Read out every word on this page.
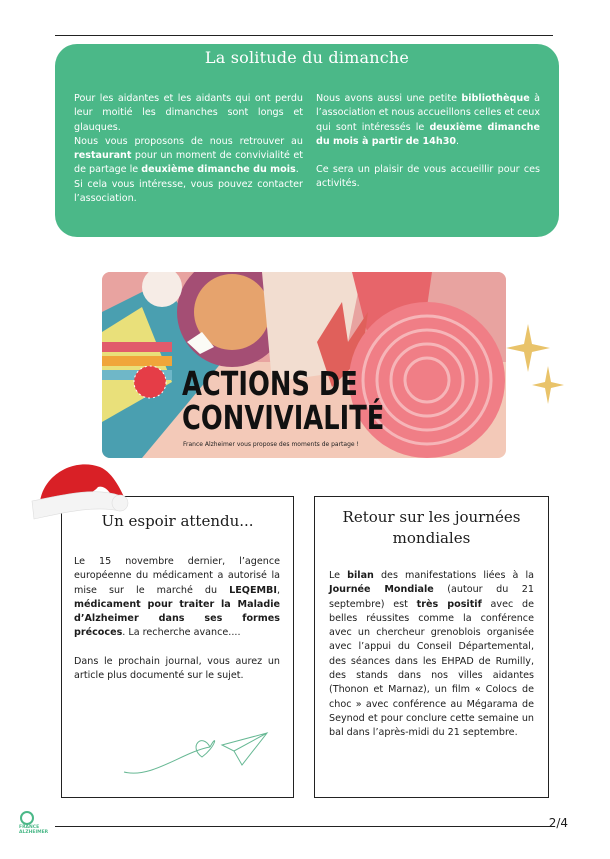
La solitude du dimanche
Pour les aidantes et les aidants qui ont perdu leur moitié les dimanches sont longs et glauques.
Nous vous proposons de nous retrouver au restaurant pour un moment de convivialité et de partage le deuxième dimanche du mois.
Si cela vous intéresse, vous pouvez contacter l’association.
Nous avons aussi une petite bibliothèque à l’association et nous accueillons celles et ceux qui sont intéressés le deuxième dimanche du mois à partir de 14h30.
Ce sera un plaisir de vous accueillir pour ces activités.
ACTIONS DE
CONVIVIALITÉ
France Alzheimer vous propose des moments de partage !
Un espoir attendu...
Le 15 novembre dernier, l’agence européenne du médicament a autorisé la mise sur le marché du LEQEMBI, médicament pour traiter la Maladie d’Alzheimer dans ses formes précoces. La recherche avance....
Dans le prochain journal, vous aurez un article plus documenté sur le sujet.
Retour sur les journées mondiales
Le bilan des manifestations liées à la Journée Mondiale (autour du 21 septembre) est très positif avec de belles réussites comme la conférence avec un chercheur grenoblois organisée avec l’appui du Conseil Départemental, des séances dans les EHPAD de Rumilly, des stands dans nos villes aidantes (Thonon et Marnaz), un film « Colocs de choc » avec conférence au Mégarama de Seynod et pour conclure cette semaine un bal dans l’après-midi du 21 septembre.
FRANCE ALZHEIMER
2/4
